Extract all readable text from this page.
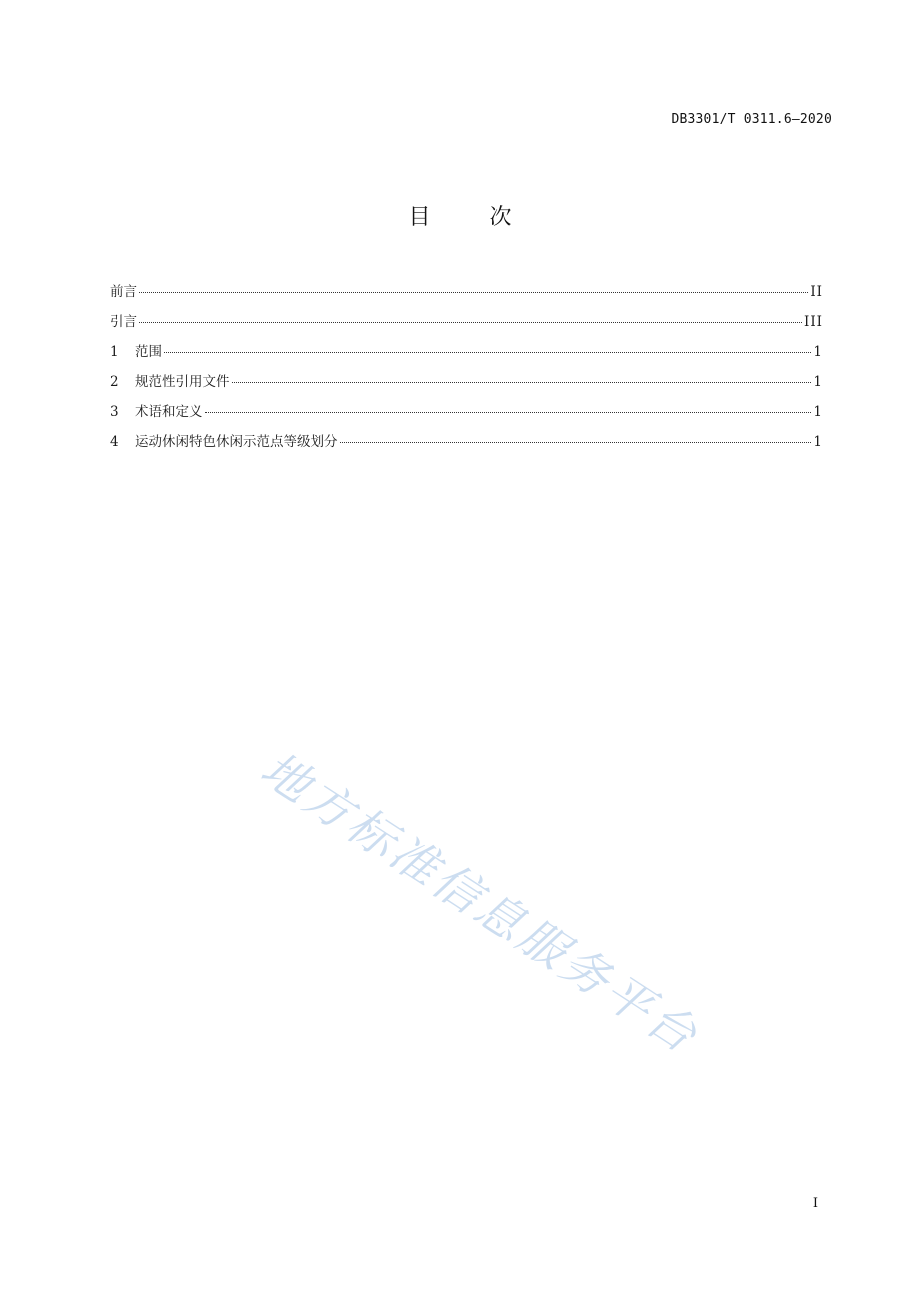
DB3301/T 0311.6—2020
目	次
前言	II
引言	III
1	范围	1
2	规范性引用文件	1
3	术语和定义	1
4	运动休闲特色休闲示范点等级划分	1
地方标准信息服务平台
I
